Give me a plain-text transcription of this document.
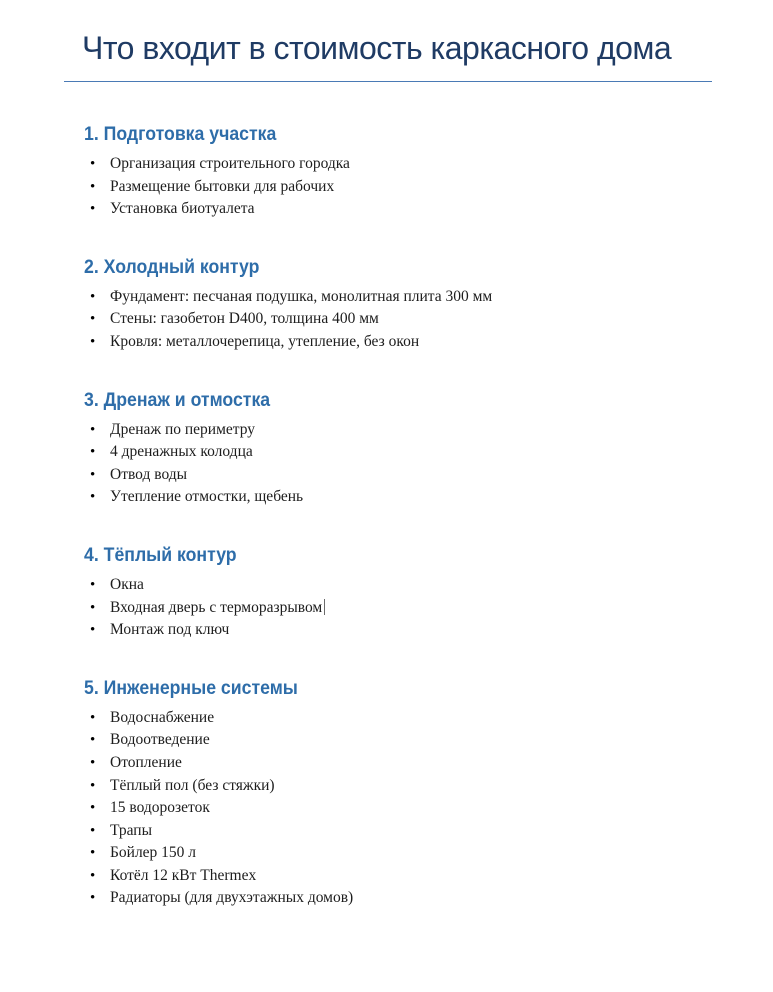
Что входит в стоимость каркасного дома
1. Подготовка участка
• Организация строительного городка
• Размещение бытовки для рабочих
• Установка биотуалета
2. Холодный контур
• Фундамент: песчаная подушка, монолитная плита 300 мм
• Стены: газобетон D400, толщина 400 мм
• Кровля: металлочерепица, утепление, без окон
3. Дренаж и отмостка
• Дренаж по периметру
• 4 дренажных колодца
• Отвод воды
• Утепление отмостки, щебень
4. Тёплый контур
• Окна
• Входная дверь с терморазрывом
• Монтаж под ключ
5. Инженерные системы
• Водоснабжение
• Водоотведение
• Отопление
• Тёплый пол (без стяжки)
• 15 водорозеток
• Трапы
• Бойлер 150 л
• Котёл 12 кВт Thermex
• Радиаторы (для двухэтажных домов)
